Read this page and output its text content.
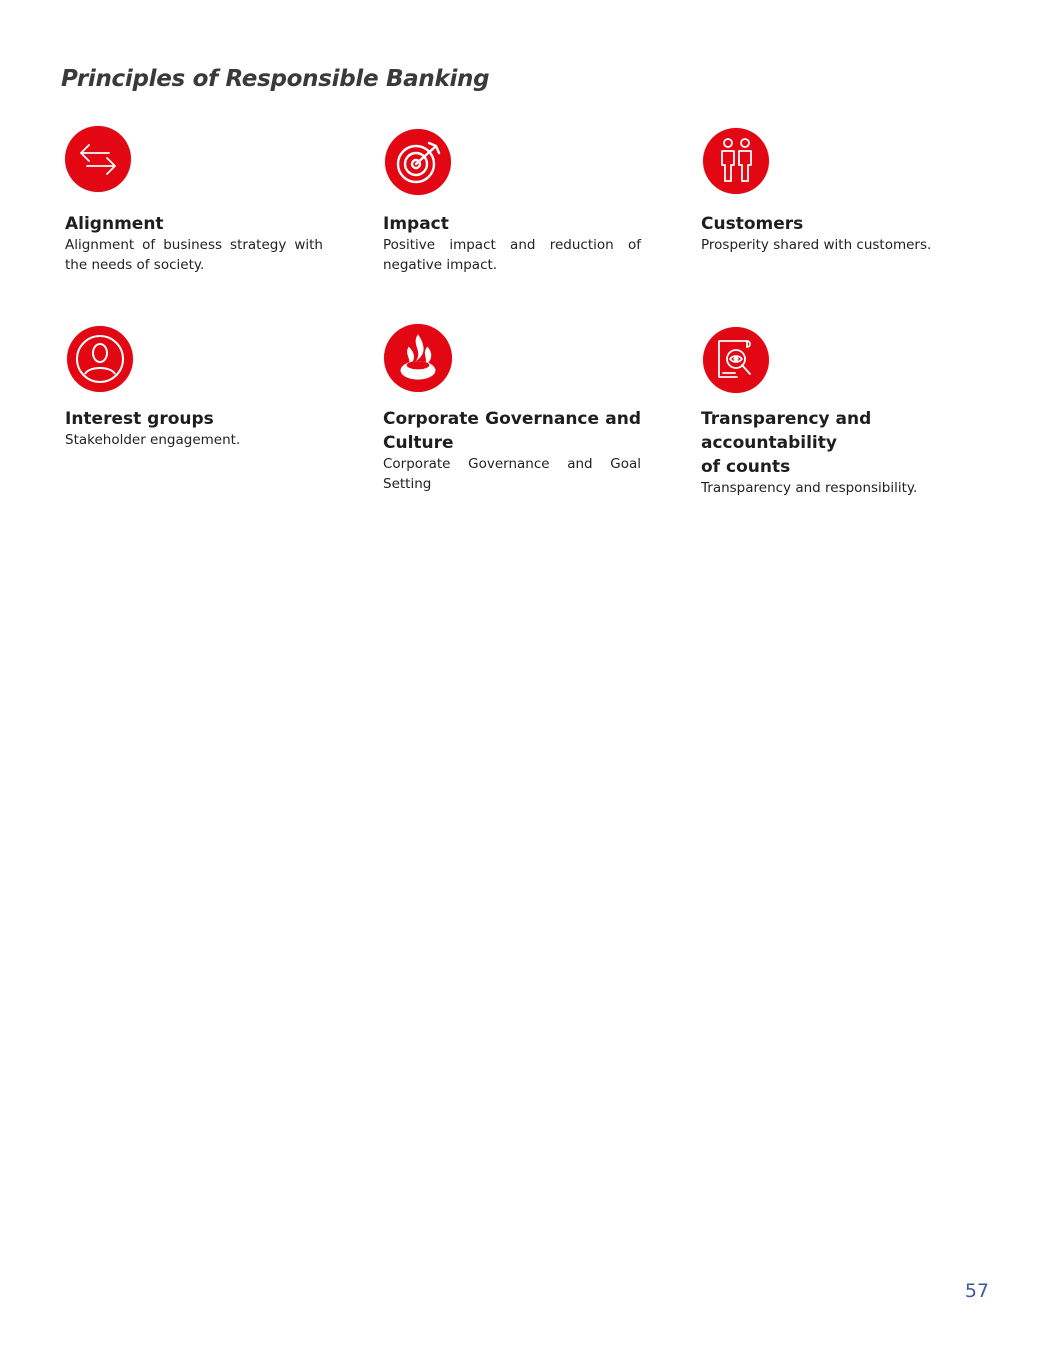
Principles of Responsible Banking
Alignment
Alignment of business strategy with the needs of society.
Impact
Positive impact and reduction of negative impact.
Customers
Prosperity shared with customers.
Interest groups
Stakeholder engagement.
Corporate Governance and Culture
Corporate Governance and Goal Setting
Transparency and
accountability
of counts
Transparency and responsibility.
57
